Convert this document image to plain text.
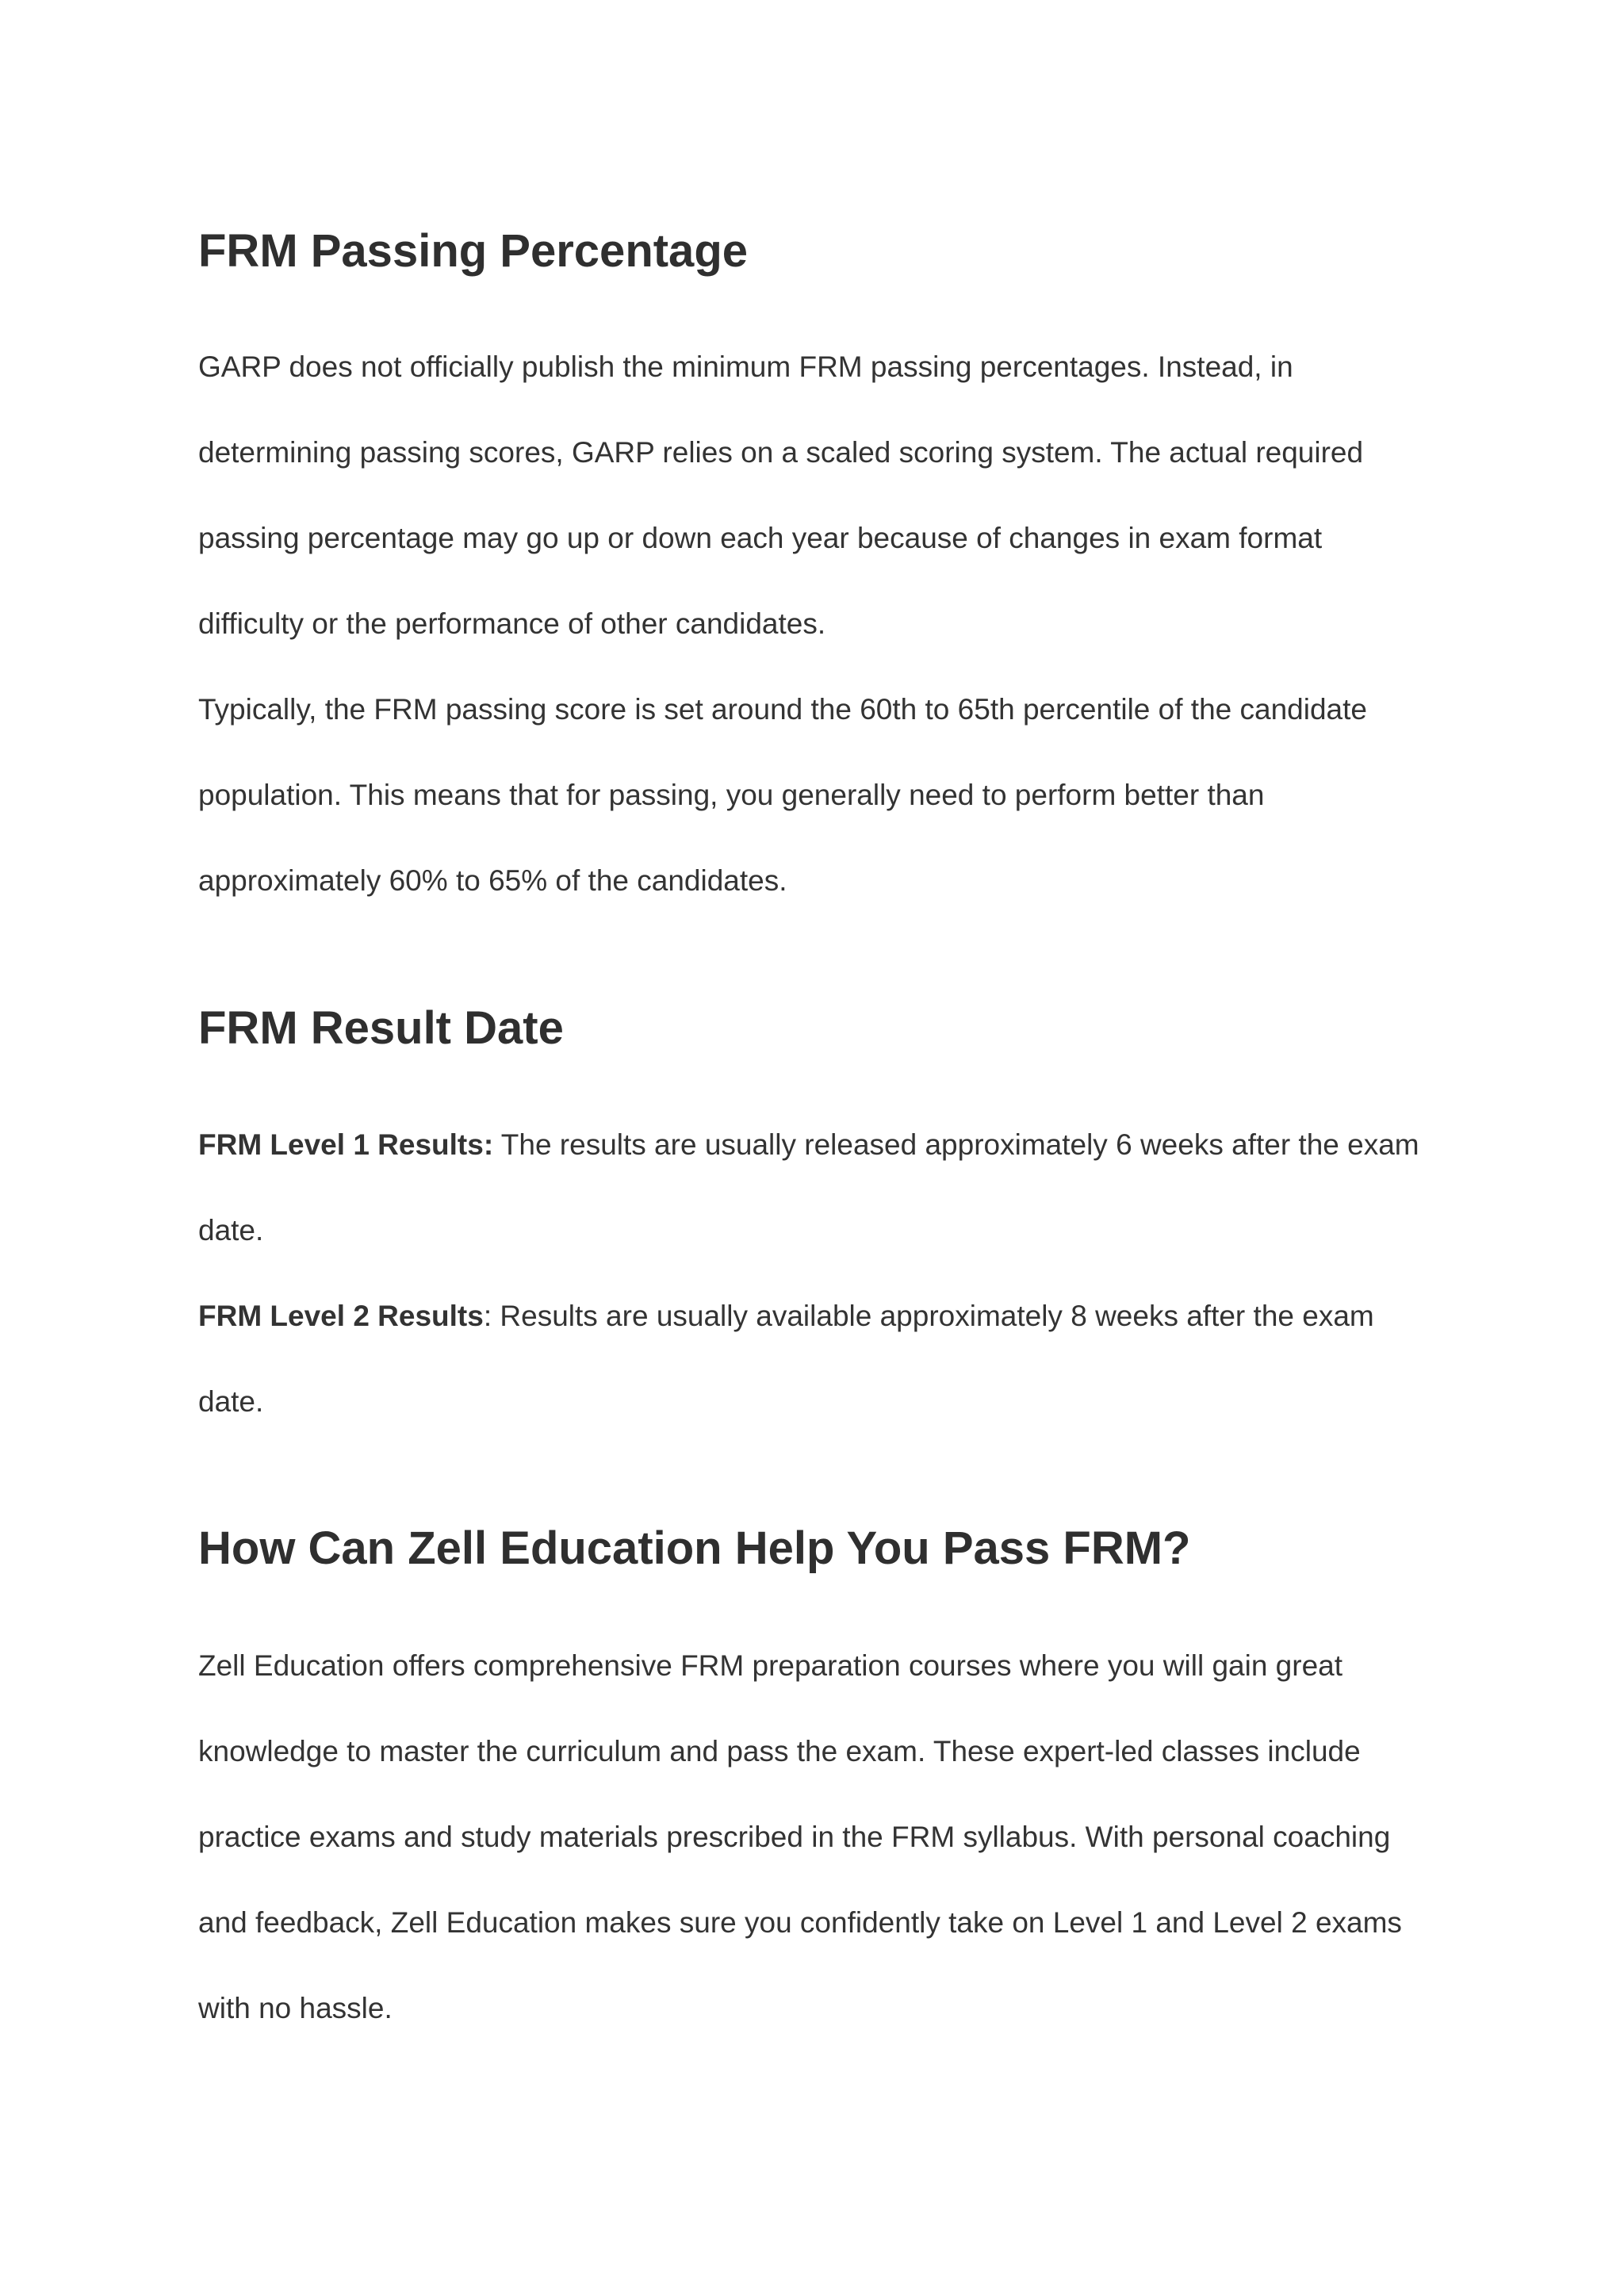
FRM Passing Percentage

GARP does not officially publish the minimum FRM passing percentages. Instead, in determining passing scores, GARP relies on a scaled scoring system. The actual required passing percentage may go up or down each year because of changes in exam format difficulty or the performance of other candidates.

Typically, the FRM passing score is set around the 60th to 65th percentile of the candidate population. This means that for passing, you generally need to perform better than approximately 60% to 65% of the candidates.

FRM Result Date

FRM Level 1 Results: The results are usually released approximately 6 weeks after the exam date.

FRM Level 2 Results: Results are usually available approximately 8 weeks after the exam date.

How Can Zell Education Help You Pass FRM?

Zell Education offers comprehensive FRM preparation courses where you will gain great knowledge to master the curriculum and pass the exam. These expert-led classes include practice exams and study materials prescribed in the FRM syllabus. With personal coaching and feedback, Zell Education makes sure you confidently take on Level 1 and Level 2 exams with no hassle.
